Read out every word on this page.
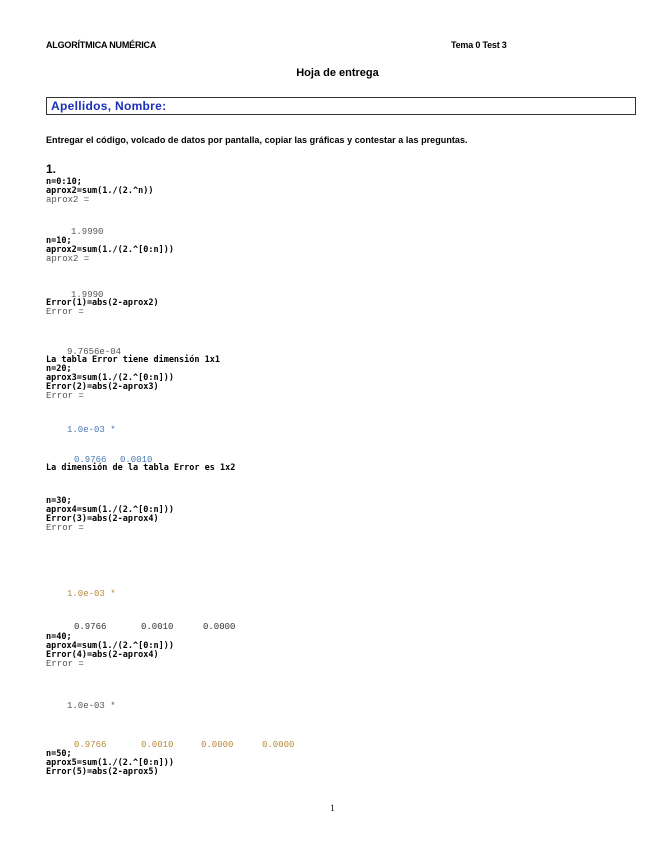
ALGORÍTMICA NUMÉRICA	Tema 0 Test 3
Hoja de entrega
Apellidos, Nombre:
Entregar el código, volcado de datos por pantalla, copiar las gráficas y contestar a las preguntas.
1.
n=0:10;
aprox2=sum(1./(2.^n))
aprox2 =
1.9990
n=10;
aprox2=sum(1./(2.^[0:n]))
aprox2 =
1.9990
Error(1)=abs(2-aprox2)
Error =
9.7656e-04
La tabla Error tiene dimensión 1x1
n=20;
aprox3=sum(1./(2.^[0:n]))
Error(2)=abs(2-aprox3)
Error =
1.0e-03 *
0.9766 0.0010
La dimensión de la tabla Error es 1x2
n=30;
aprox4=sum(1./(2.^[0:n]))
Error(3)=abs(2-aprox4)
Error =
1.0e-03 *
0.9766	0.0010	0.0000
n=40;
aprox4=sum(1./(2.^[0:n]))
Error(4)=abs(2-aprox4)
Error =
1.0e-03 *
0.9766	0.0010	0.0000	0.0000
n=50;
aprox5=sum(1./(2.^[0:n]))
Error(5)=abs(2-aprox5)
1
